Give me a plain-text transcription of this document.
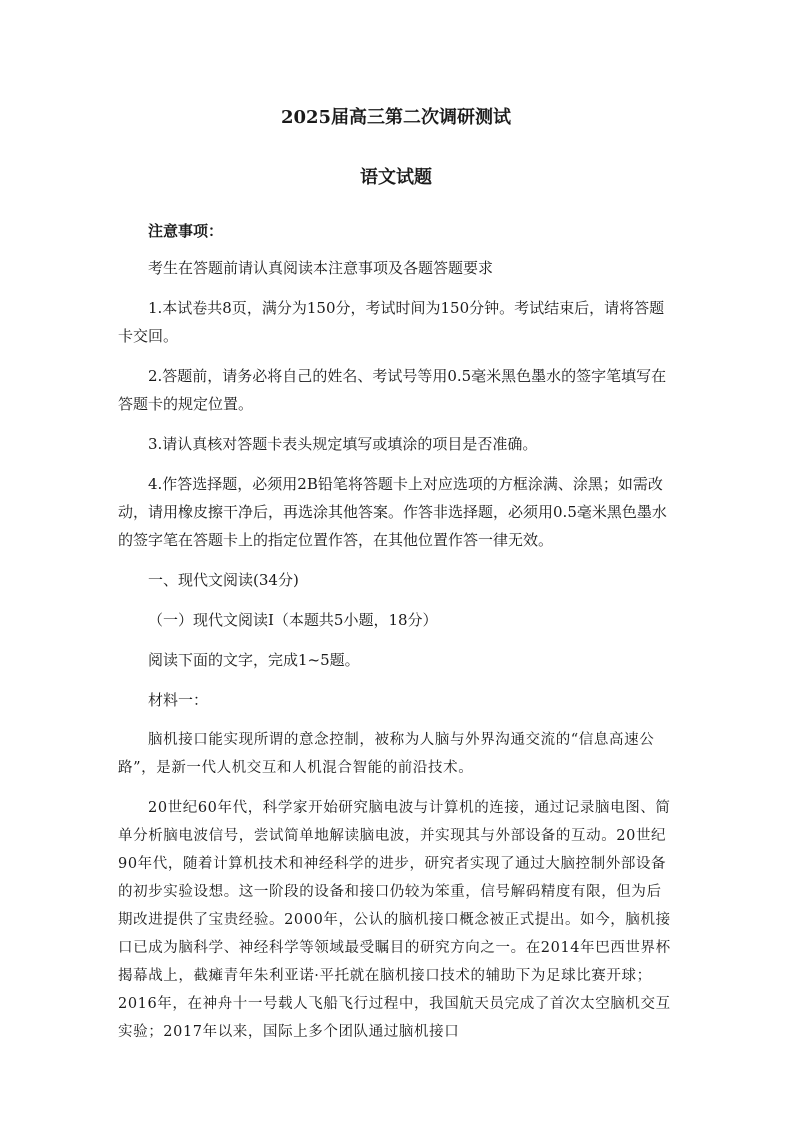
2025届高三第二次调研测试
语文试题
注意事项：

考生在答题前请认真阅读本注意事项及各题答题要求

1.本试卷共8页，满分为150分，考试时间为150分钟。考试结束后，请将答题卡交回。

2.答题前，请务必将自己的姓名、考试号等用0.5毫米黑色墨水的签字笔填写在答题卡的规定位置。

3.请认真核对答题卡表头规定填写或填涂的项目是否准确。

4.作答选择题，必须用2B铅笔将答题卡上对应选项的方框涂满、涂黑；如需改动，请用橡皮擦干净后，再选涂其他答案。作答非选择题，必须用0.5毫米黑色墨水的签字笔在答题卡上的指定位置作答，在其他位置作答一律无效。

一、现代文阅读(34分)
（一）现代文阅读Ⅰ（本题共5小题，18分）
阅读下面的文字，完成1~5题。
材料一：

脑机接口能实现所谓的意念控制，被称为人脑与外界沟通交流的“信息高速公路”，是新一代人机交互和人机混合智能的前沿技术。

20世纪60年代，科学家开始研究脑电波与计算机的连接，通过记录脑电图、简单分析脑电波信号，尝试简单地解读脑电波，并实现其与外部设备的互动。20世纪90年代，随着计算机技术和神经科学的进步，研究者实现了通过大脑控制外部设备的初步实验设想。这一阶段的设备和接口仍较为笨重，信号解码精度有限，但为后期改进提供了宝贵经验。2000年，公认的脑机接口概念被正式提出。如今，脑机接口已成为脑科学、神经科学等领域最受瞩目的研究方向之一。在2014年巴西世界杯揭幕战上，截瘫青年朱利亚诺·平托就在脑机接口技术的辅助下为足球比赛开球；2016年，在神舟十一号载人飞船飞行过程中，我国航天员完成了首次太空脑机交互实验；2017年以来，国际上多个团队通过脑机接口
